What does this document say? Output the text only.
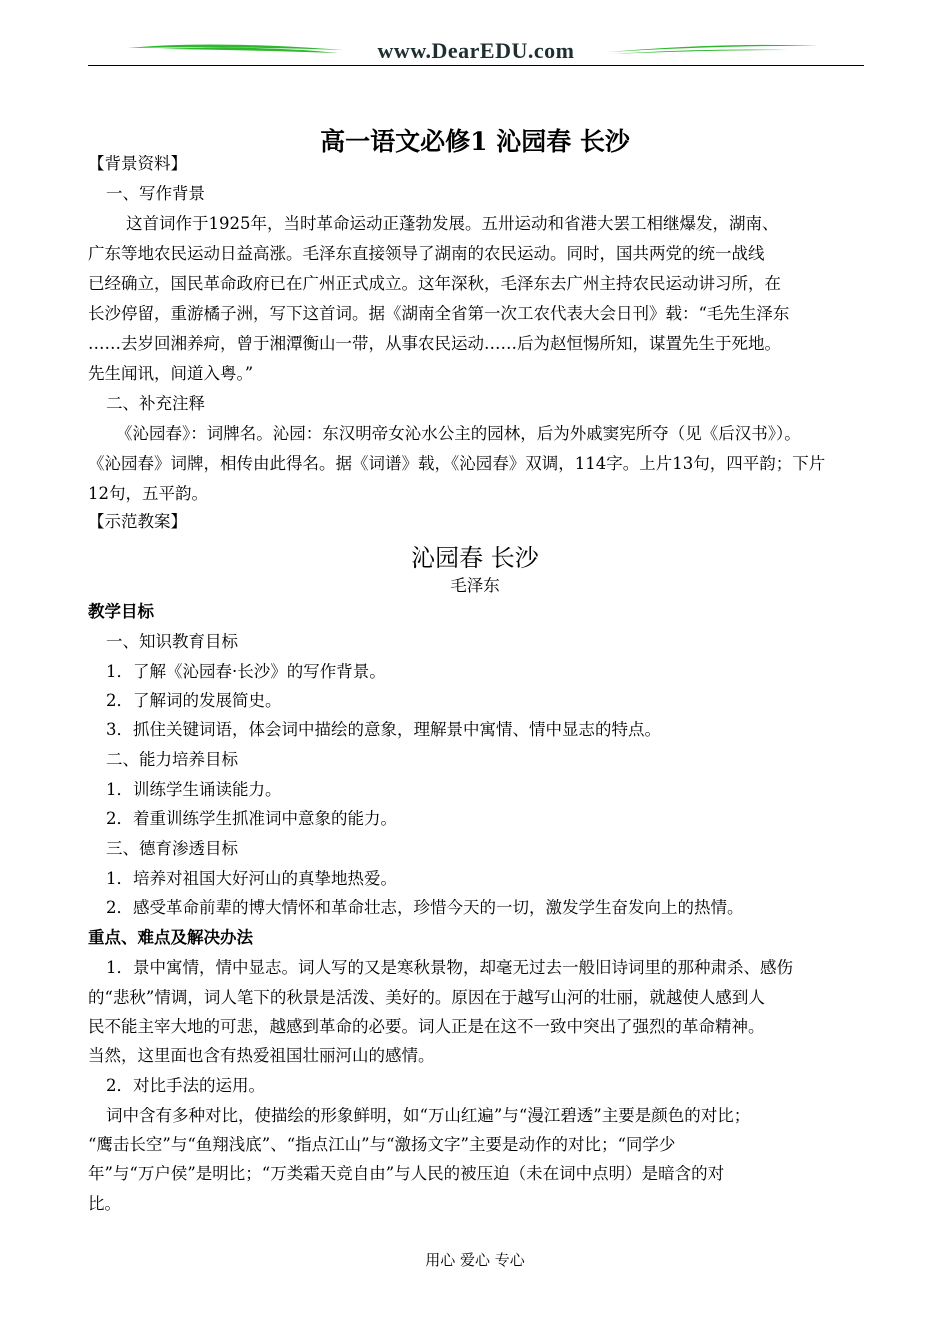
www.DearEDU.com
高一语文必修1 沁园春 长沙
【背景资料】
一、写作背景
这首词作于1925年，当时革命运动正蓬勃发展。五卅运动和省港大罢工相继爆发，湖南、
广东等地农民运动日益高涨。毛泽东直接领导了湖南的农民运动。同时，国共两党的统一战线
已经确立，国民革命政府已在广州正式成立。这年深秋，毛泽东去广州主持农民运动讲习所，在
长沙停留，重游橘子洲，写下这首词。据《湖南全省第一次工农代表大会日刊》载：“毛先生泽东
……去岁回湘养疴，曾于湘潭衡山一带，从事农民运动……后为赵恒惕所知，谋置先生于死地。
先生闻讯，间道入粤。”
二、补充注释
《沁园春》：词牌名。沁园：东汉明帝女沁水公主的园林，后为外戚窦宪所夺（见《后汉书》）。
《沁园春》词牌，相传由此得名。据《词谱》载，《沁园春》双调，114字。上片13句，四平韵；下片
12句，五平韵。
【示范教案】
沁园春 长沙
毛泽东
教学目标
一、知识教育目标
1．了解《沁园春·长沙》的写作背景。
2．了解词的发展简史。
3．抓住关键词语，体会词中描绘的意象，理解景中寓情、情中显志的特点。
二、能力培养目标
1．训练学生诵读能力。
2．着重训练学生抓准词中意象的能力。
三、德育渗透目标
1．培养对祖国大好河山的真挚地热爱。
2．感受革命前辈的博大情怀和革命壮志，珍惜今天的一切，激发学生奋发向上的热情。
重点、难点及解决办法
1．景中寓情，情中显志。词人写的又是寒秋景物，却毫无过去一般旧诗词里的那种肃杀、感伤
的“悲秋”情调，词人笔下的秋景是活泼、美好的。原因在于越写山河的壮丽，就越使人感到人
民不能主宰大地的可悲，越感到革命的必要。词人正是在这不一致中突出了强烈的革命精神。
当然，这里面也含有热爱祖国壮丽河山的感情。
2．对比手法的运用。
词中含有多种对比，使描绘的形象鲜明，如“万山红遍”与“漫江碧透”主要是颜色的对比；
“鹰击长空”与“鱼翔浅底”、“指点江山”与“激扬文字”主要是动作的对比；“同学少
年”与“万户侯”是明比；“万类霜天竞自由”与人民的被压迫（未在词中点明）是暗含的对
比。
用心 爱心 专心
